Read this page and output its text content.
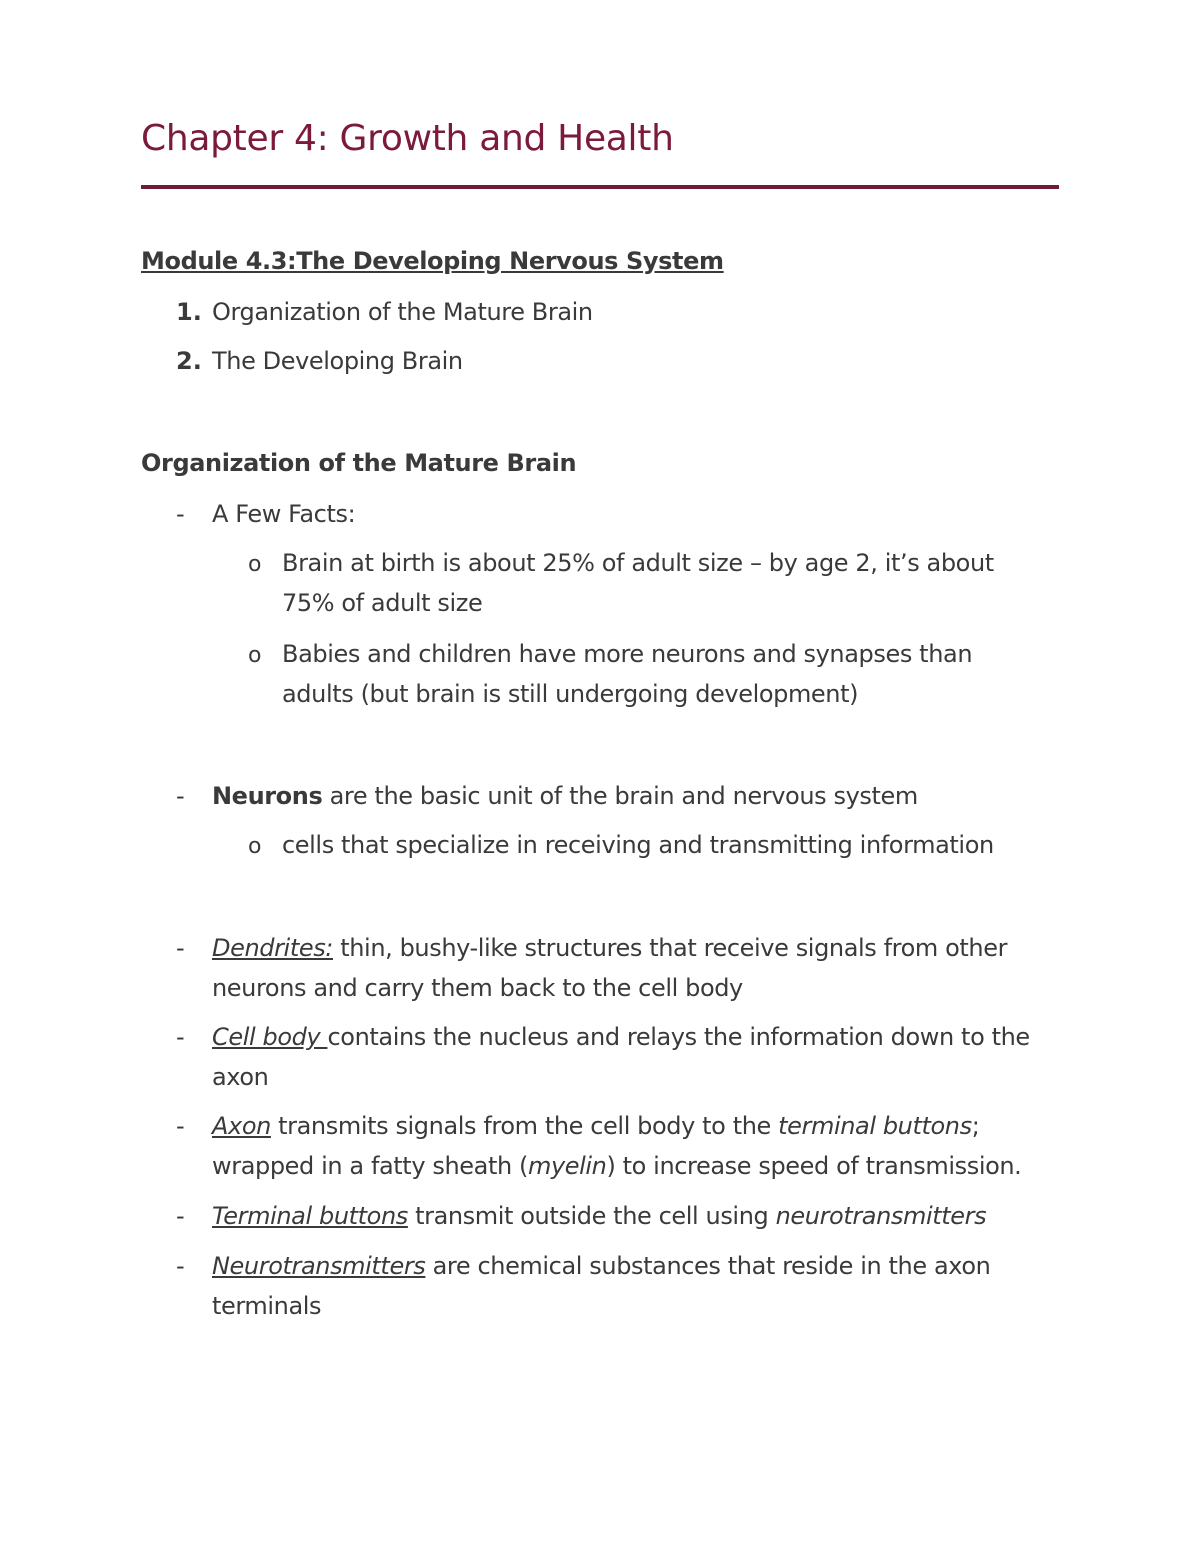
Chapter 4: Growth and Health
Module 4.3:The Developing Nervous System
1. Organization of the Mature Brain
2. The Developing Brain
Organization of the Mature Brain
- A Few Facts:
o Brain at birth is about 25% of adult size – by age 2, it’s about
75% of adult size
o Babies and children have more neurons and synapses than
adults (but brain is still undergoing development)
- Neurons are the basic unit of the brain and nervous system
o cells that specialize in receiving and transmitting information
- Dendrites: thin, bushy-like structures that receive signals from other
neurons and carry them back to the cell body
- Cell body contains the nucleus and relays the information down to the
axon
- Axon transmits signals from the cell body to the terminal buttons;
wrapped in a fatty sheath (myelin) to increase speed of transmission.
- Terminal buttons transmit outside the cell using neurotransmitters
- Neurotransmitters are chemical substances that reside in the axon
terminals
